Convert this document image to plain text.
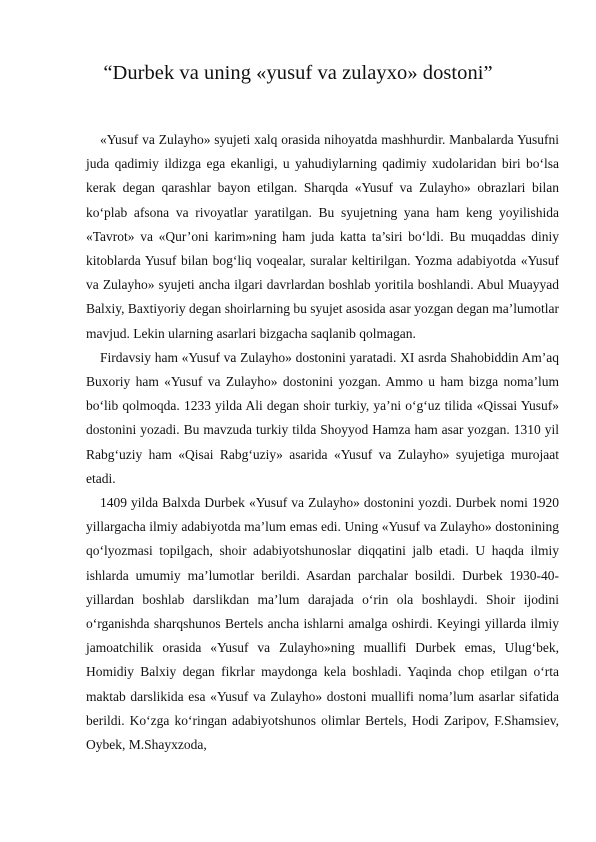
“Durbek va uning «yusuf va zulayxo» dostoni”

«Yusuf va Zulayho» syujeti xalq orasida nihoyatda mashhurdir. Manbalarda Yusufni juda qadimiy ildizga ega ekanligi, u yahudiylarning qadimiy xudolaridan biri bo‘lsa kerak degan qarashlar bayon etilgan. Sharqda «Yusuf va Zulayho» obrazlari bilan ko‘plab afsona va rivoyatlar yaratilgan. Bu syujetning yana ham keng yoyilishida «Tavrot» va «Qur’oni karim»ning ham juda katta ta’siri bo‘ldi. Bu muqaddas diniy kitoblarda Yusuf bilan bog‘liq voqealar, suralar keltirilgan. Yozma adabiyotda «Yusuf va Zulayho» syujeti ancha ilgari davrlardan boshlab yoritila boshlandi. Abul Muayyad Balxiy, Baxtiyoriy degan shoirlarning bu syujet asosida asar yozgan degan ma’lumotlar mavjud. Lekin ularning asarlari bizgacha saqlanib qolmagan.

Firdavsiy ham «Yusuf va Zulayho» dostonini yaratadi. XI asrda Shahobiddin Am’aq Buxoriy ham «Yusuf va Zulayho» dostonini yozgan. Ammo u ham bizga noma’lum bo‘lib qolmoqda. 1233 yilda Ali degan shoir turkiy, ya’ni o‘g‘uz tilida «Qissai Yusuf» dostonini yozadi. Bu mavzuda turkiy tilda Shoyyod Hamza ham asar yozgan. 1310 yil Rabg‘uziy ham «Qisai Rabg‘uziy» asarida «Yusuf va Zulayho» syujetiga murojaat etadi.

1409 yilda Balxda Durbek «Yusuf va Zulayho» dostonini yozdi. Durbek nomi 1920 yillargacha ilmiy adabiyotda ma’lum emas edi. Uning «Yusuf va Zulayho» dostonining qo‘lyozmasi topilgach, shoir adabiyotshunoslar diqqatini jalb etadi. U haqda ilmiy ishlarda umumiy ma’lumotlar berildi. Asardan parchalar bosildi. Durbek 1930-40- yillardan boshlab darslikdan ma’lum darajada o‘rin ola boshlaydi. Shoir ijodini o‘rganishda sharqshunos Bertels ancha ishlarni amalga oshirdi. Keyingi yillarda ilmiy jamoatchilik orasida «Yusuf va Zulayho»ning muallifi Durbek emas, Ulug‘bek, Homidiy Balxiy degan fikrlar maydonga kela boshladi. Yaqinda chop etilgan o‘rta maktab darslikida esa «Yusuf va Zulayho» dostoni muallifi noma’lum asarlar sifatida berildi. Ko‘zga ko‘ringan adabiyotshunos olimlar Bertels, Hodi Zaripov, F.Shamsiev, Oybek, M.Shayxzoda,
